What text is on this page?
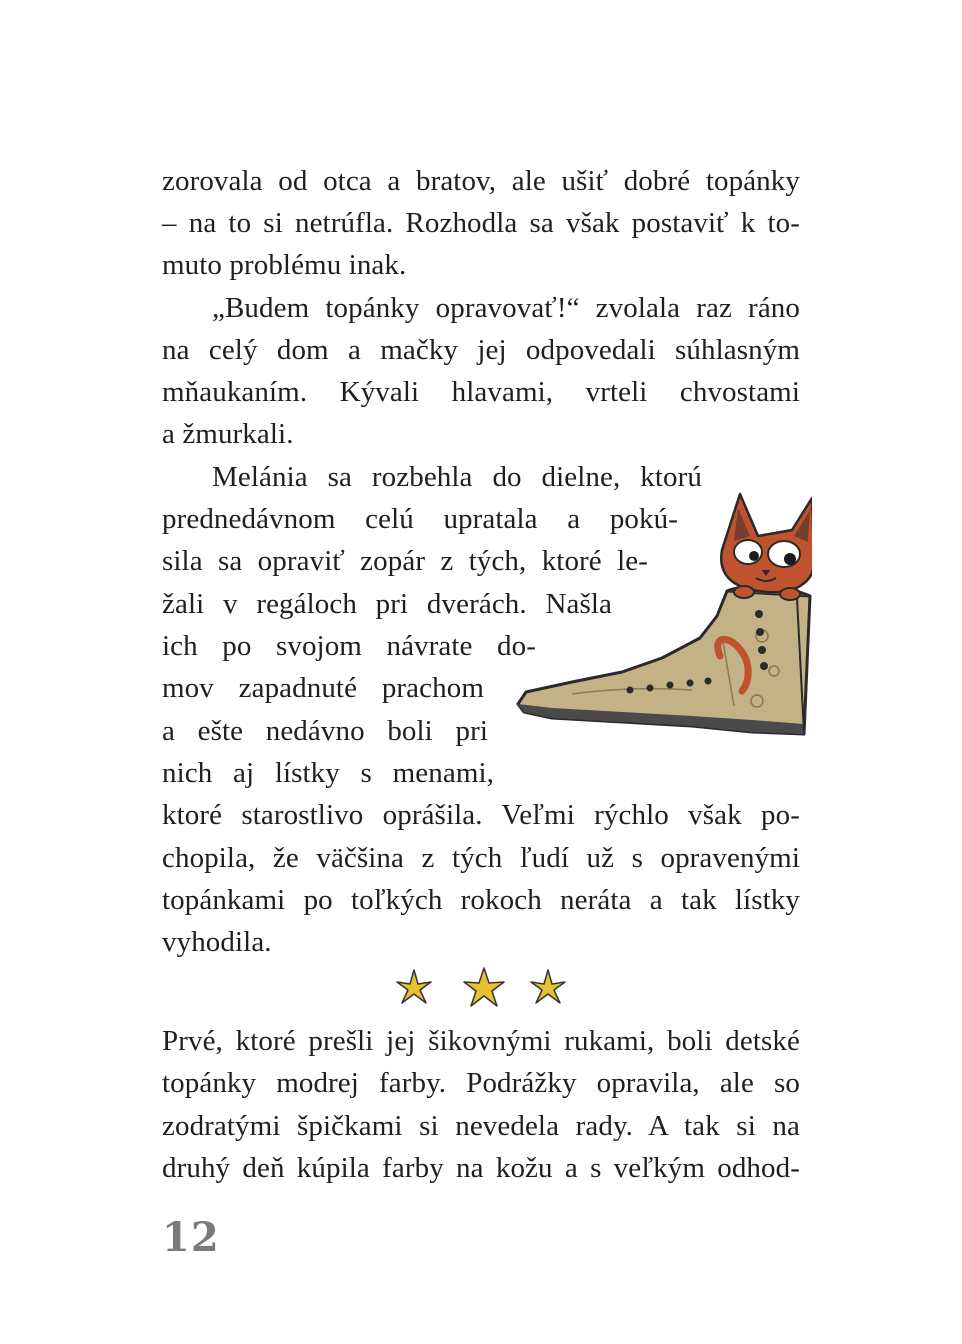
zorovala od otca a bratov, ale ušiť dobré topánky
– na to si netrúfla. Rozhodla sa však postaviť k to-
muto problému inak.
„Budem topánky opravovať!“ zvolala raz ráno
na celý dom a mačky jej odpovedali súhlasným
mňaukaním. Kývali hlavami, vrteli chvostami
a žmurkali.
Melánia sa rozbehla do dielne, ktorú
prednedávnom celú upratala a pokú-
sila sa opraviť zopár z tých, ktoré le-
žali v regáloch pri dverách. Našla
ich po svojom návrate do-
mov zapadnuté prachom
a ešte nedávno boli pri
nich aj lístky s menami,
ktoré starostlivo oprášila. Veľmi rýchlo však po-
chopila, že väčšina z tých ľudí už s opravenými
topánkami po toľkých rokoch neráta a tak lístky
vyhodila.
Prvé, ktoré prešli jej šikovnými rukami, boli detské
topánky modrej farby. Podrážky opravila, ale so
zodratými špičkami si nevedela rady. A tak si na
druhý deň kúpila farby na kožu a s veľkým odhod-
12
